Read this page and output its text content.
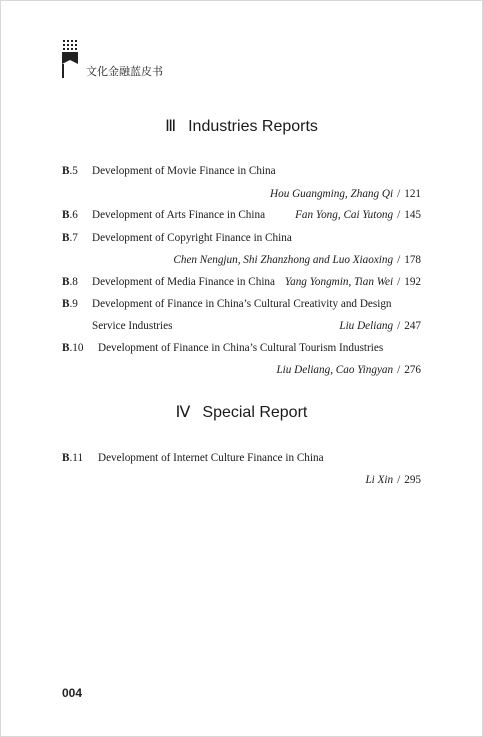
文化金融蓝皮书
Ⅲ Industries Reports
B.5 Development of Movie Finance in China
Hou Guangming, Zhang Qi / 121
B.6 Development of Arts Finance in China	Fan Yong, Cai Yutong / 145
B.7 Development of Copyright Finance in China
Chen Nengjun, Shi Zhanzhong and Luo Xiaoxing / 178
B.8 Development of Media Finance in China Yang Yongmin, Tian Wei / 192
B.9 Development of Finance in China’s Cultural Creativity and Design
Service Industries	Liu Deliang / 247
B.10 Development of Finance in China’s Cultural Tourism Industries
Liu Deliang, Cao Yingyan / 276
Ⅳ Special Report
B.11 Development of Internet Culture Finance in China
Li Xin / 295
004
